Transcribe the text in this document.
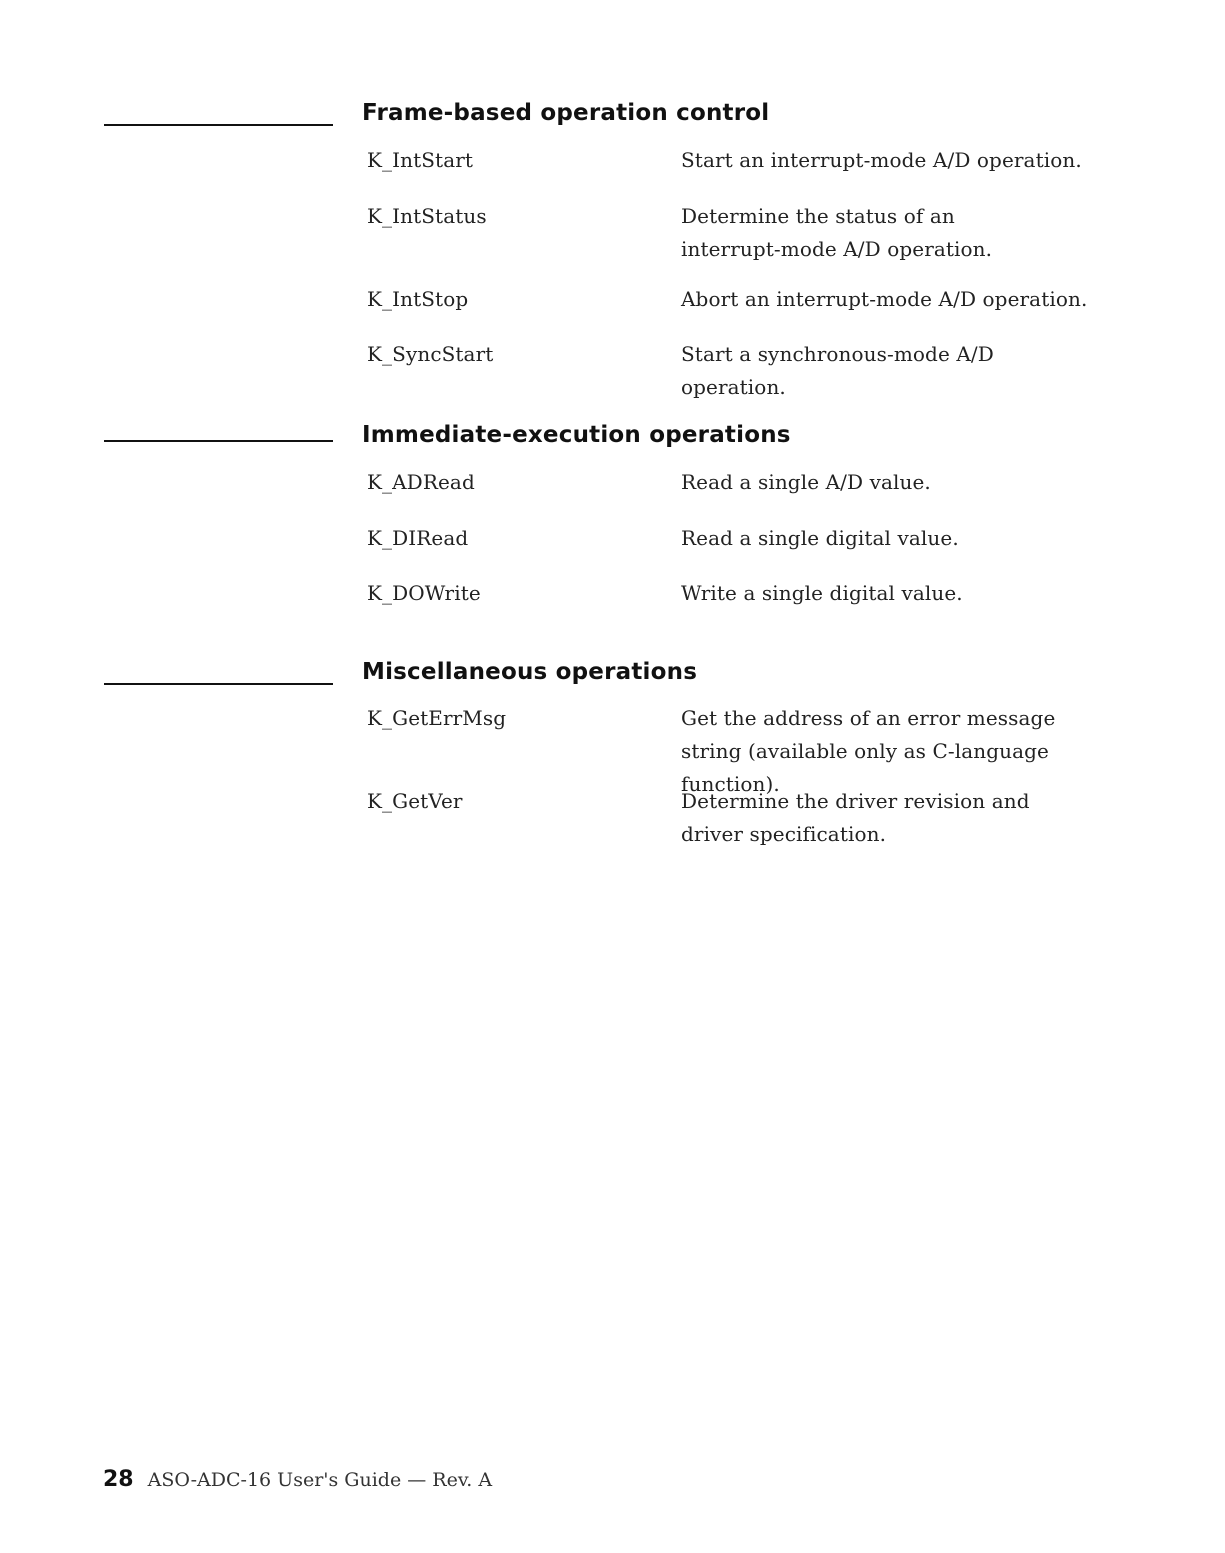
Frame-based operation control
K_IntStart	Start an interrupt-mode A/D operation.
K_IntStatus	Determine the status of an interrupt-mode A/D operation.
K_IntStop	Abort an interrupt-mode A/D operation.
K_SyncStart	Start a synchronous-mode A/D operation.
Immediate-execution operations
K_ADRead	Read a single A/D value.
K_DIRead	Read a single digital value.
K_DOWrite	Write a single digital value.
Miscellaneous operations
K_GetErrMsg	Get the address of an error message string (available only as C-language function).
K_GetVer	Determine the driver revision and driver specification.
28 ASO-ADC-16 User's Guide — Rev. A
